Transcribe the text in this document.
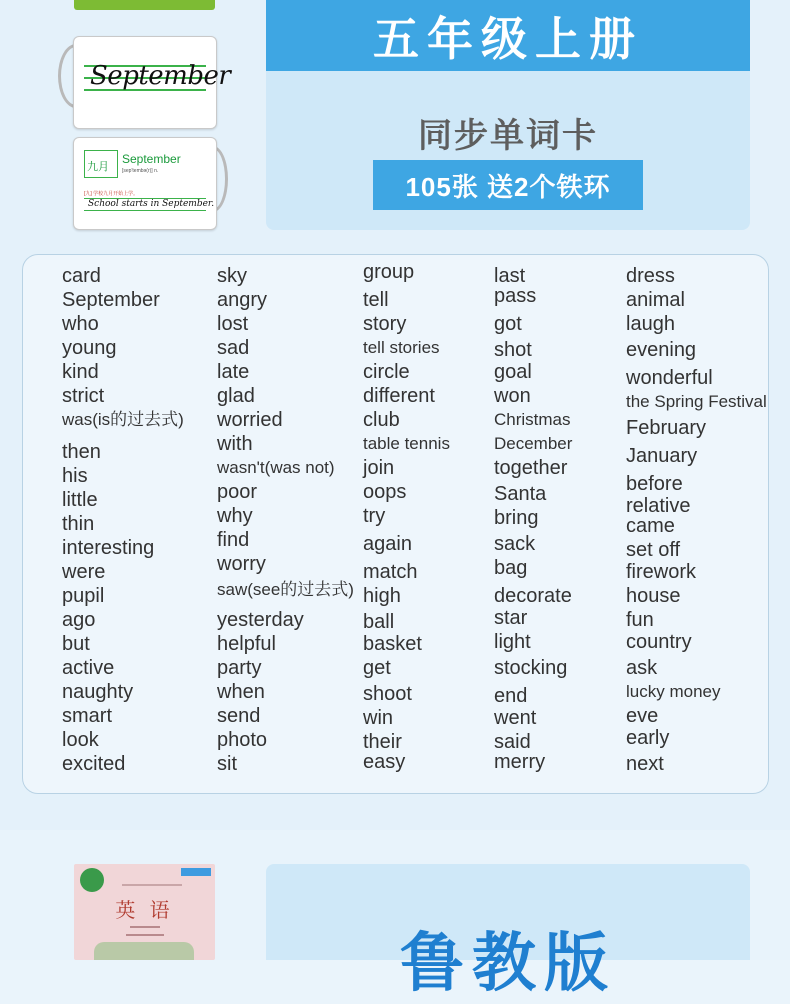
September
九月
September
[sep'tembə(r)] n.
[九] 学校九月开始上学。
School starts in September.
五年级上册
同步单词卡
105张 送2个铁环
card
September
who
young
kind
strict
was(is的过去式)
then
his
little
thin
interesting
were
pupil
ago
but
active
naughty
smart
look
excited
sky
angry
lost
sad
late
glad
worried
with
wasn't(was not)
poor
why
find
worry
saw(see的过去式)
yesterday
helpful
party
when
send
photo
sit
group
tell
story
tell stories
circle
different
club
table tennis
join
oops
try
again
match
high
ball
basket
get
shoot
win
their
easy
last
pass
got
shot
goal
won
Christmas
December
together
Santa
bring
sack
bag
decorate
star
light
stocking
end
went
said
merry
dress
animal
laugh
evening
wonderful
the Spring Festival
February
January
before
relative
came
set off
firework
house
fun
country
ask
lucky money
eve
early
next
英 语
鲁教版
